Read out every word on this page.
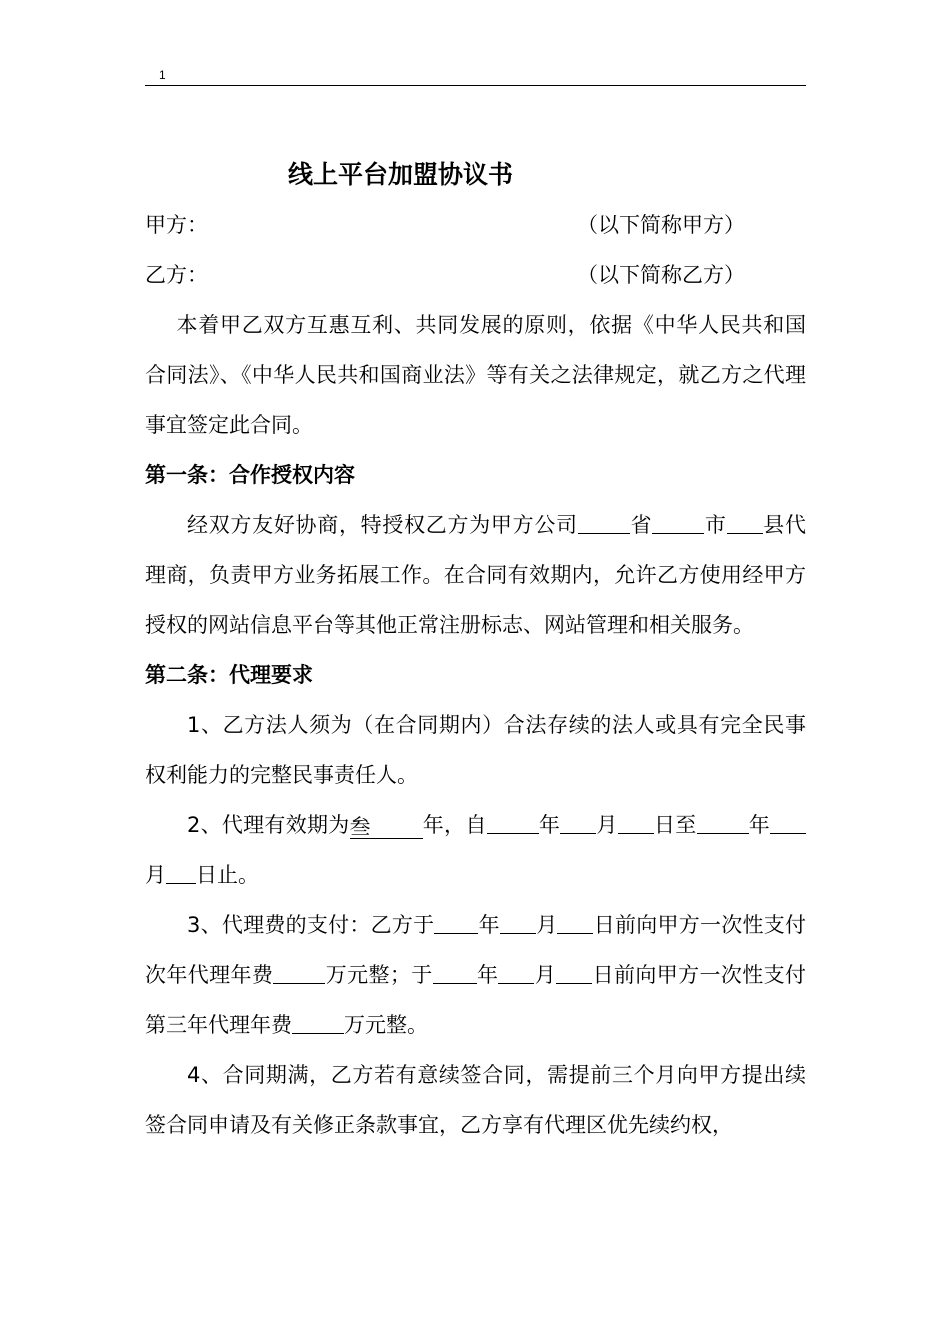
1
线上平台加盟协议书
甲方：	（以下简称甲方）
乙方：	（以下简称乙方）
本着甲乙双方互惠互利、共同发展的原则，依据《中华人民共和国合同法》、《中华人民共和国商业法》等有关之法律规定，就乙方之代理事宜签定此合同。
第一条：合作授权内容
经双方友好协商，特授权乙方为甲方公司 省 市 县代理商，负责甲方业务拓展工作。在合同有效期内，允许乙方使用经甲方授权的网站信息平台等其他正常注册标志、网站管理和相关服务。
第二条：代理要求
1、乙方法人须为（在合同期内）合法存续的法人或具有完全民事权利能力的完整民事责任人。
2、代理有效期为叁 年，自 年 月 日至 年月 日止。
3、代理费的支付：乙方于 年 月 日前向甲方一次性支付次年代理年费 万元整；于 年 月 日前向甲方一次性支付第三年代理年费 万元整。
4、合同期满，乙方若有意续签合同，需提前三个月向甲方提出续签合同申请及有关修正条款事宜，乙方享有代理区优先续约权，
